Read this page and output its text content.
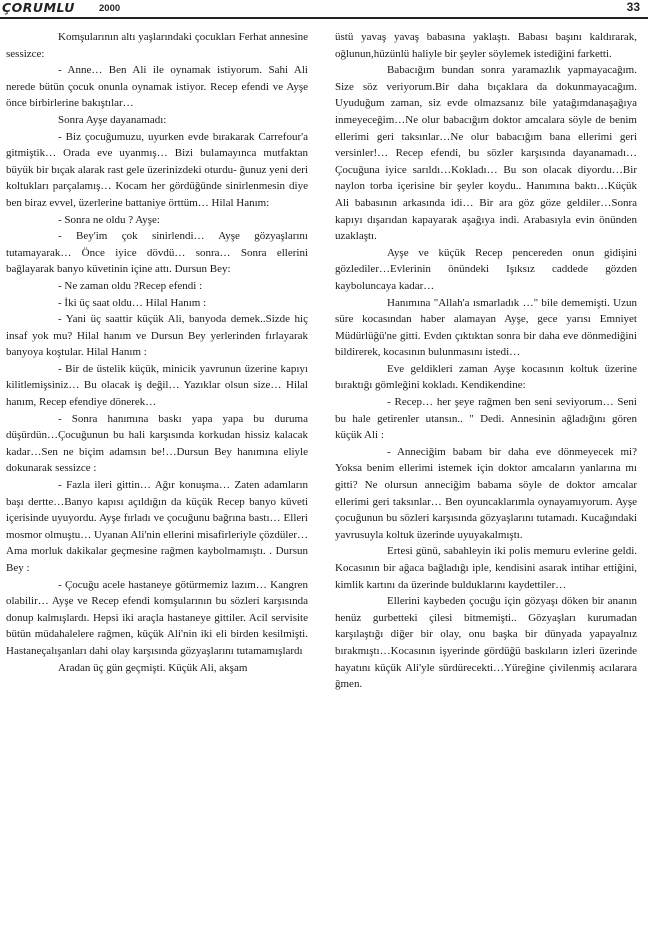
ÇORUMLU	2000	33

Komşularının altı yaşlarındaki çocukları Ferhat annesine sessizce:

- Anne… Ben Ali ile oynamak istiyorum. Sahi Ali nerede bütün çocuk onunla oynamak istiyor. Recep efendi ve Ayşe önce birbirlerine bakıştılar…

Sonra Ayşe dayanamadı:

- Biz çocuğumuzu, uyurken evde bırakarak Carrefour'a gitmiştik… Orada eve uyanmış… Bizi bulamayınca mutfaktan büyük bir bıçak alarak rast gele üzerinizdeki oturdu- ğunuz yeni deri koltukları parçalamış… Kocam her gördüğünde sinirlenmesin diye ben biraz evvel, üzerlerine battaniye örttüm… Hilal Hanım:

- Sonra ne oldu ? Ayşe:

- Bey'im çok sinirlendi… Ayşe gözyaşlarını tutamayarak… Önce iyice dövdü… sonra… Sonra ellerini bağlayarak banyo küvetinin içine attı. Dursun Bey:

- Ne zaman oldu ?Recep efendi :

- İki üç saat oldu… Hilal Hanım :

- Yani üç saattir küçük Ali, banyoda demek..Sizde hiç insaf yok mu? Hilal hanım ve Dursun Bey yerlerinden fırlayarak banyoya koştular. Hilal Hanım :

- Bir de üstelik küçük, minicik yavrunun üzerine kapıyı kilitlemişsiniz… Bu olacak iş değil… Yazıklar olsun size… Hilal hanım, Recep efendiye dönerek…

- Sonra hanımına baskı yapa yapa bu duruma düşürdün…Çocuğunun bu hali karşısında korkudan hissiz kalacak kadar…Sen ne biçim adamsın be!…Dursun Bey hanımına eliyle dokunarak sessizce :

- Fazla ileri gittin… Ağır konuşma… Zaten adamların başı dertte…Banyo kapısı açıldığın da küçük Recep banyo küveti içerisinde uyuyordu. Ayşe fırladı ve çocuğunu bağrına bastı… Elleri mosmor olmuştu… Uyanan Ali'nin ellerini misafirleriyle çözdüler… Ama morluk dakikalar geçmesine rağmen kaybolmamıştı. . Dursun Bey :

- Çocuğu acele hastaneye götürmemiz lazım… Kangren olabilir… Ayşe ve Recep efendi komşularının bu sözleri karşısında donup kalmışlardı. Hepsi iki araçla hastaneye gittiler. Acil servisite bütün müdahalelere rağmen, küçük Ali'nin iki eli birden kesilmişti. Hastaneçalışanları dahi olay karşısında gözyaşlarını tutamamışlardı

Aradan üç gün geçmişti. Küçük Ali, akşam

üstü yavaş yavaş babasına yaklaştı. Babası başını kaldırarak, oğlunun,hüzünlü haliyle bir şeyler söylemek istediğini farketti.

Babacığım bundan sonra yaramazlık yapmayacağım. Size söz veriyorum.Bir daha bıçaklara da dokunmayacağım. Uyuduğum zaman, siz evde olmazsanız bile yatağımdanaşağıya inmeyeceğim…Ne olur babacığım doktor amcalara söyle de benim ellerimi geri taksınlar…Ne olur babacığım bana ellerimi geri versinler!… Recep efendi, bu sözler karşısında dayanamadı…Çocuğuna iyice sarıldı…Kokladı… Bu son olacak diyordu…Bir naylon torba içerisine bir şeyler koydu.. Hanımına baktı…Küçük Ali babasının arkasında idi… Bir ara göz göze geldiler…Sonra kapıyı dışarıdan kapayarak aşağıya indi. Arabasıyla evin önünden uzaklaştı.

Ayşe ve küçük Recep pencereden onun gidişini gözlediler…Evlerinin önündeki Işıksız caddede gözden kayboluncaya kadar…

Hanımına "Allah'a ısmarladık …" bile dememişti. Uzun süre kocasından haber alamayan Ayşe, gece yarısı Emniyet Müdürlüğü'ne gitti. Evden çıktıktan sonra bir daha eve dönmediğini bildirerek, kocasının bulunmasını istedi…

Eve geldikleri zaman Ayşe kocasının koltuk üzerine bıraktığı gömleğini kokladı. Kendikendine:

- Recep… her şeye rağmen ben seni seviyorum… Seni bu hale getirenler utansın.. " Dedi. Annesinin ağladığını gören küçük Ali :

- Anneciğim babam bir daha eve dönmeyecek mi? Yoksa benim ellerimi istemek için doktor amcaların yanlarına mı gitti? Ne olursun anneciğim babama söyle de doktor amcalar ellerimi geri taksınlar… Ben oyuncaklarımla oynayamıyorum. Ayşe çocuğunun bu sözleri karşısında gözyaşlarını tutamadı. Kucağındaki yavrusuyla koltuk üzerinde uyuyakalmıştı.

Ertesi günü, sabahleyin iki polis memuru evlerine geldi. Kocasının bir ağaca bağladığı iple, kendisini asarak intihar ettiğini, kimlik kartını da üzerinde bulduklarını kaydettiler…

Ellerini kaybeden çocuğu için gözyaşı döken bir ananın henüz gurbetteki çilesi bitmemişti.. Gözyaşları kurumadan karşılaştığı diğer bir olay, onu başka bir dünyada yapayalnız bırakmıştı…Kocasının işyerinde gördüğü baskıların izleri üzerinde hayatını küçük Ali'yle sürdürecekti…Yüreğine çivilenmiş acılarara ğmen.
